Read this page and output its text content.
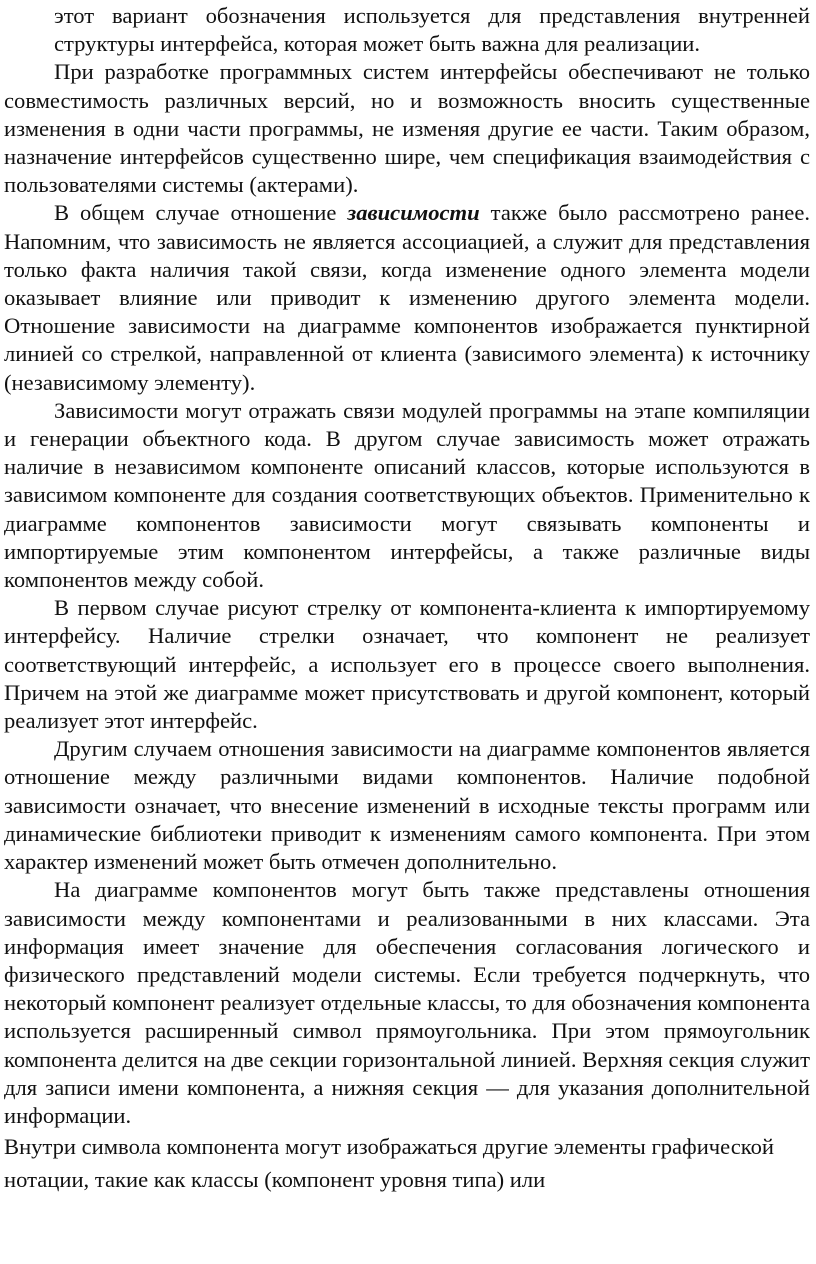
этот вариант обозначения используется для представления внутренней структуры интерфейса, которая может быть важна для реализации.

При разработке программных систем интерфейсы обеспечивают не только совместимость различных версий, но и возможность вносить существенные изменения в одни части программы, не изменяя другие ее части. Таким образом, назначение интерфейсов существенно шире, чем спецификация взаимодействия с пользователями системы (актерами).

В общем случае отношение зависимости также было рассмотрено ранее. Напомним, что зависимость не является ассоциацией, а служит для представления только факта наличия такой связи, когда изменение одного элемента модели оказывает влияние или приводит к изменению другого элемента модели. Отношение зависимости на диаграмме компонентов изображается пунктирной линией со стрелкой, направленной от клиента (зависимого элемента) к источнику (независимому элементу).

Зависимости могут отражать связи модулей программы на этапе компиляции и генерации объектного кода. В другом случае зависимость может отражать наличие в независимом компоненте описаний классов, которые используются в зависимом компоненте для создания соответствующих объектов. Применительно к диаграмме компонентов зависимости могут связывать компоненты и импортируемые этим компонентом интерфейсы, а также различные виды компонентов между собой.

В первом случае рисуют стрелку от компонента-клиента к импортируемому интерфейсу. Наличие стрелки означает, что компонент не реализует соответствующий интерфейс, а использует его в процессе своего выполнения. Причем на этой же диаграмме может присутствовать и другой компонент, который реализует этот интерфейс.

Другим случаем отношения зависимости на диаграмме компонентов является отношение между различными видами компонентов. Наличие подобной зависимости означает, что внесение изменений в исходные тексты программ или динамические библиотеки приводит к изменениям самого компонента. При этом характер изменений может быть отмечен дополнительно.

На диаграмме компонентов могут быть также представлены отношения зависимости между компонентами и реализованными в них классами. Эта информация имеет значение для обеспечения согласования логического и физического представлений модели системы. Если требуется подчеркнуть, что некоторый компонент реализует отдельные классы, то для обозначения компонента используется расширенный символ прямоугольника. При этом прямоугольник компонента делится на две секции горизонтальной линией. Верхняя секция служит для записи имени компонента, а нижняя секция — для указания дополнительной информации.

Внутри символа компонента могут изображаться другие элементы графической нотации, такие как классы (компонент уровня типа) или
